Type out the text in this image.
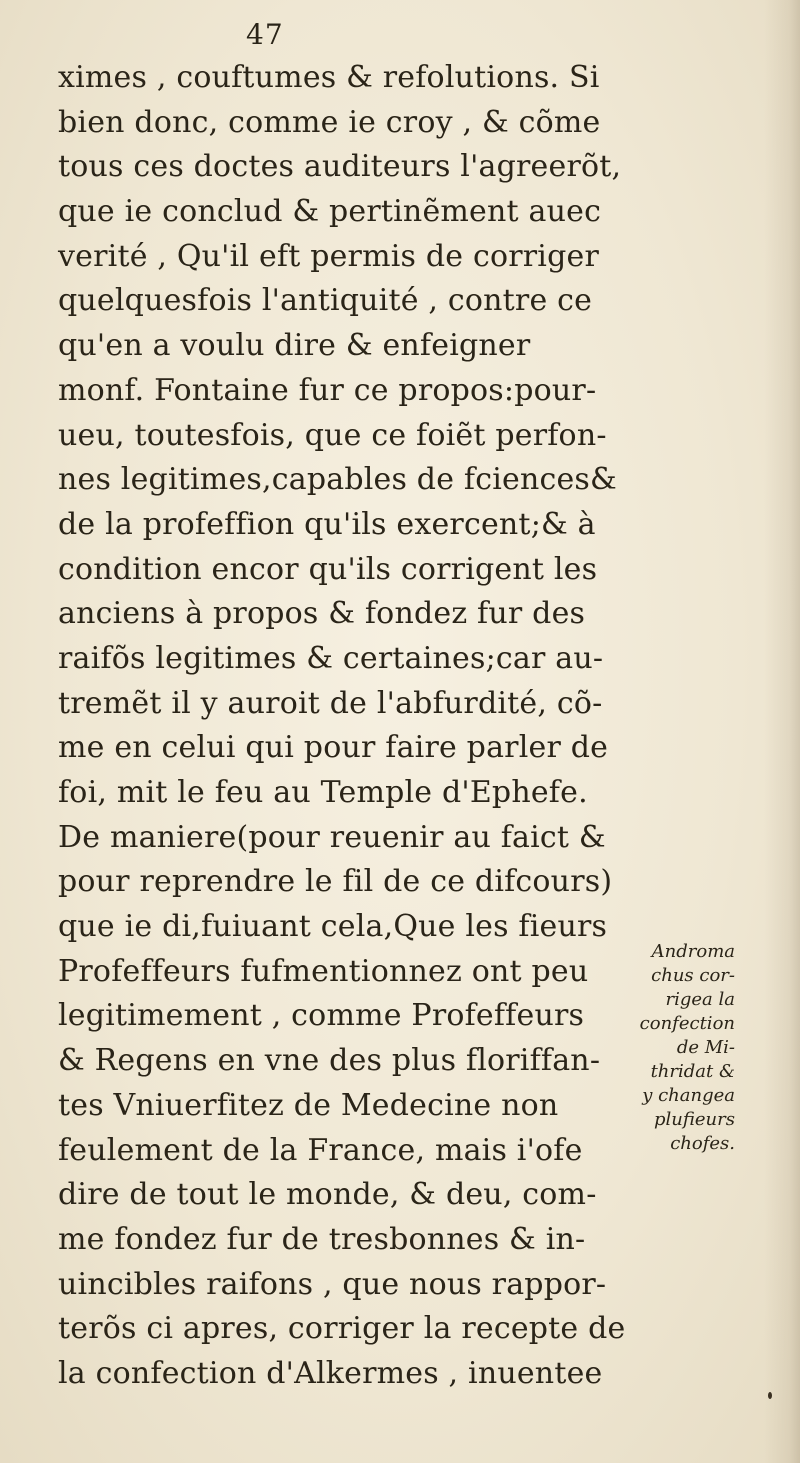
47
ximes , couftumes & refolutions. Si
bien donc, comme ie croy , & cõme
tous ces doctes auditeurs l'agreerõt,
que ie conclud & pertinẽment auec
verité , Qu'il eft permis de corriger
quelquesfois l'antiquité , contre ce
qu'en a voulu dire & enfeigner
monf. Fontaine fur ce propos:pour-
ueu, toutesfois, que ce foiẽt perfon-
nes legitimes,capables de fciences&
de la profeffion qu'ils exercent;& à
condition encor qu'ils corrigent les
anciens à propos & fondez fur des
raifõs legitimes & certaines;car au-
tremẽt il y auroit de l'abfurdité, cõ-
me en celui qui pour faire parler de
foi, mit le feu au Temple d'Ephefe.
De maniere(pour reuenir au faict &
pour reprendre le fil de ce difcours)
que ie di,fuiuant cela,Que les fieurs
Profeffeurs fufmentionnez ont peu
legitimement , comme Profeffeurs
& Regens en vne des plus floriffan-
tes Vniuerfitez de Medecine non
feulement de la France, mais i'ofe
dire de tout le monde, & deu, com-
me fondez fur de tresbonnes & in-
uincibles raifons , que nous rappor-
terõs ci apres, corriger la recepte de
la confection d'Alkermes , inuentee
Androma
chus cor-
rigea la
confection
de Mi-
thridat &
y changea
plufieurs
chofes.
